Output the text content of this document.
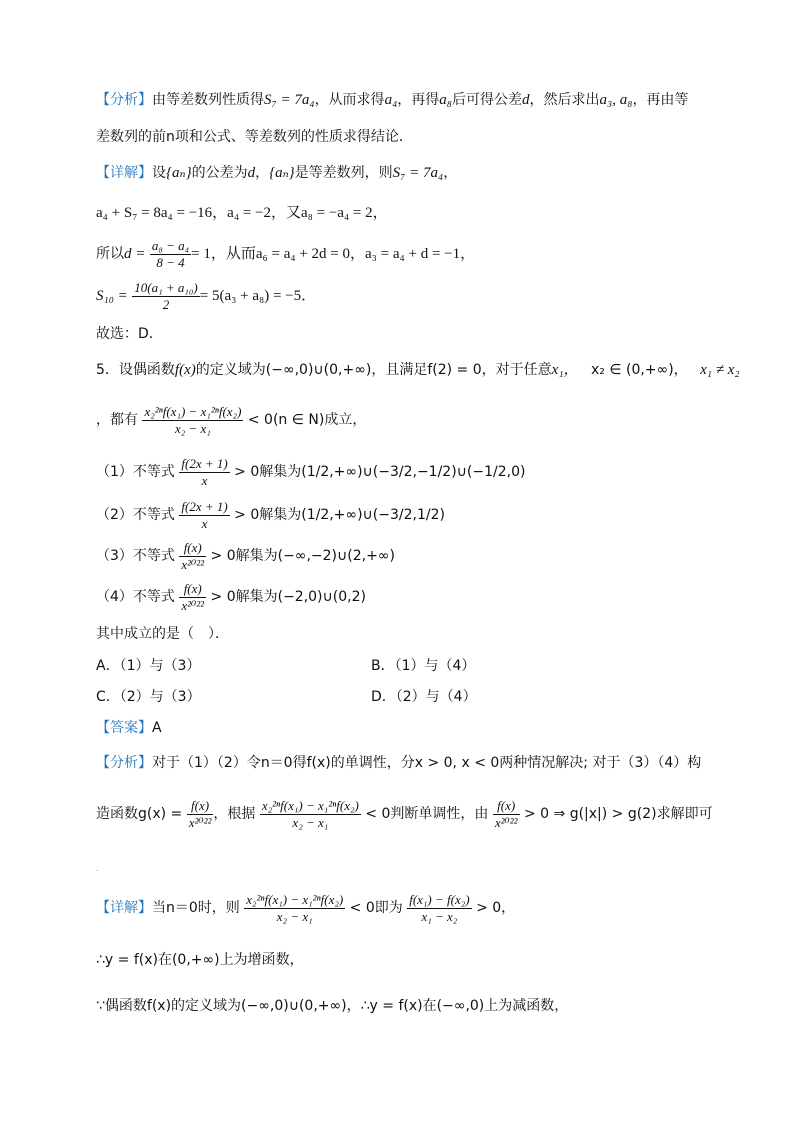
【分析】由等差数列性质得S₇ = 7a₄，从而求得a₄，再得a₈后可得公差d，然后求出a₃, a₈，再由等
差数列的前n项和公式、等差数列的性质求得结论．
【详解】设{aₙ}的公差为d，{aₙ}是等差数列，则S₇ = 7a₄，
a₄ + S₇ = 8a₄ = −16，a₄ = −2，又a₈ = −a₄ = 2，
所以$d = \frac{\text{a₈ − a₄}}{8 - 4} = 1$，从而a₆ = a₄ + 2d = 0，a₃ = a₄ + d = −1，
$S_{10} = \frac{\text{10(a₁ + a₁₀)}}{2} = 5(a_3 + a_8) = -5$．
故选：D．
5．设偶函数f(x)的定义域为(−∞,0)∪(0,+∞)，且满足f(2) = 0，对于任意x₁， x₂ ∈ (0,+∞)， x₁ ≠ x₂
，都有 $\frac{\text{x₂²ⁿf(x₁) − x₁²ⁿf(x₂)}}{\text{x₂ − x₁}} < 0(n$ ∈ N)成立，
（1）不等式 $\frac{f(2x + 1)}{x} > 0$解集为(1/2,+∞)∪(−3/2,−1/2)∪(−1/2,0)
（2）不等式 $\frac{f(2x + 1)}{x} > 0$解集为(1/2,+∞)∪(−3/2,1/2)
（3）不等式 $\frac{f(x)}{\text{x²⁰²²}} > 0$解集为(−∞,−2)∪(2,+∞)
（4）不等式 $\frac{f(x)}{\text{x²⁰²²}} > 0$解集为(−2,0)∪(0,2)
其中成立的是（　）．
A．（1）与（3）	B．（1）与（4）
C．（2）与（3）	D．（2）与（4）
【答案】A
【分析】对于（1）（2）令n＝0得f(x)的单调性，分x > 0, x < 0两种情况解决; 对于（3）（4）构
造函数$g(x) = \frac{f(x)}{\text{x²⁰²²}}$ ，根据 $\frac{\text{x₂²ⁿf(x₁) − x₁²ⁿf(x₂)}}{\text{x₂ − x₁}} < 0$判断单调性，由 $\frac{f(x)}{\text{x²⁰²²}} > 0$ ⇒ g(|x|) > g(2)求解即可
．
【详解】当n＝0时，则 $\frac{\text{x₂²ⁿf(x₁) − x₁²ⁿf(x₂)}}{\text{x₂ − x₁}} < 0$即为 $\frac{\text{f(x₁) − f(x₂)}}{\text{x₁ − x₂}} > 0$，
∴y = f(x)在(0,+∞)上为增函数，
∵偶函数f(x)的定义域为(−∞,0)∪(0,+∞)，∴y = f(x)在(−∞,0)上为减函数，
